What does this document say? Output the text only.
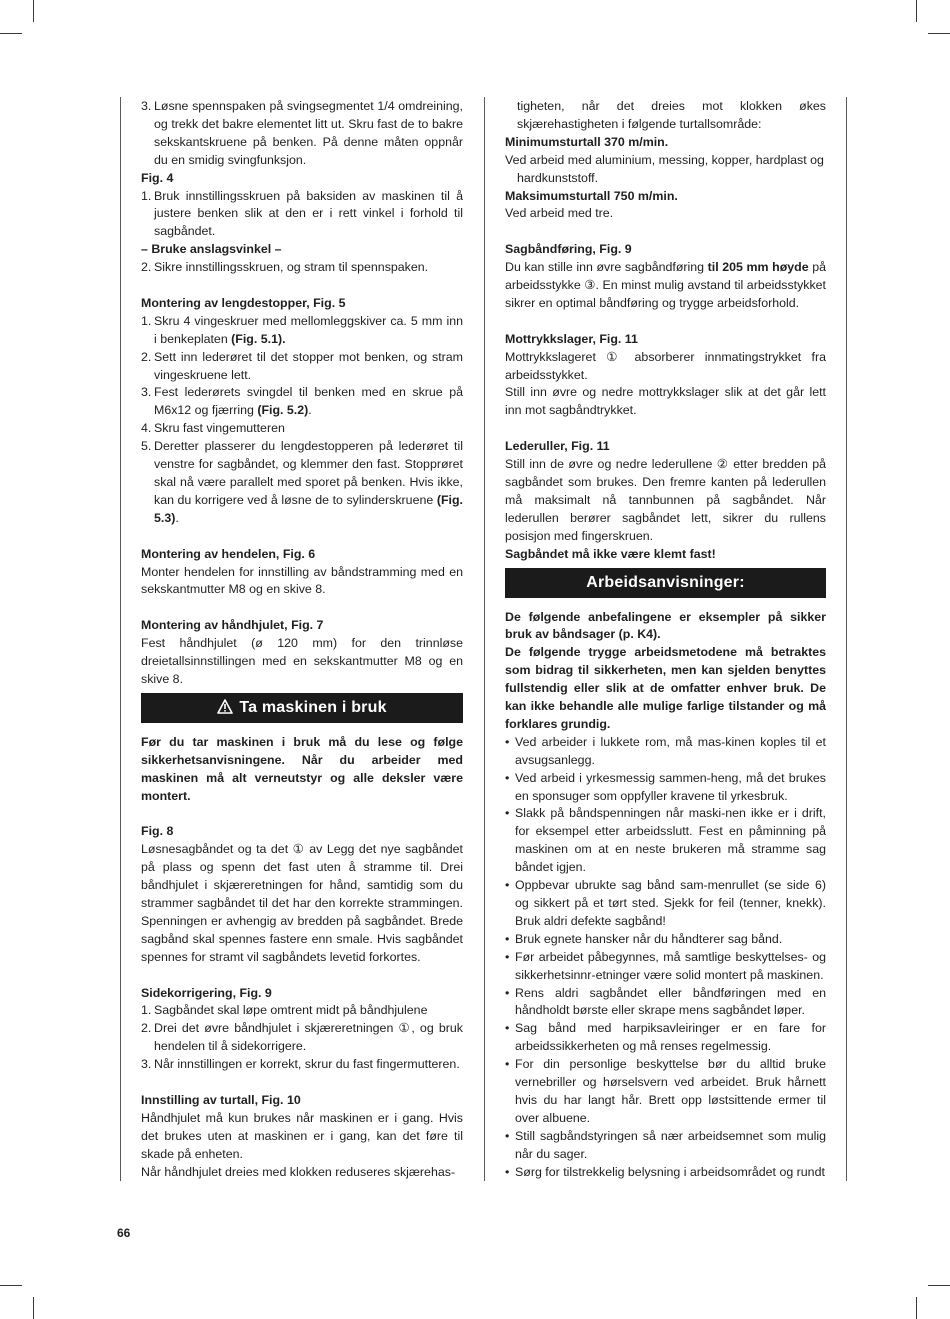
3. Løsne spennspaken på svingsegmentet 1/4 omdreining, og trekk det bakre elementet litt ut. Skru fast de to bakre sekskantskruene på benken. På denne måten oppnår du en smidig svingfunksjon.

Fig. 4

1. Bruk innstillingsskruen på baksiden av maskinen til å justere benken slik at den er i rett vinkel i forhold til sagbåndet.

– Bruke anslagsvinkel –

2. Sikre innstillingsskruen, og stram til spennspaken.

Montering av lengdestopper, Fig. 5

1. Skru 4 vingeskruer med mellomleggskiver ca. 5 mm inn i benkeplaten (Fig. 5.1).
2. Sett inn lederøret til det stopper mot benken, og stram vingeskruene lett.
3. Fest lederørets svingdel til benken med en skrue på M6x12 og fjærring (Fig. 5.2).
4. Skru fast vingemutteren
5. Deretter plasserer du lengdestopperen på lederøret til venstre for sagbåndet, og klemmer den fast. Stopprøret skal nå være parallelt med sporet på benken. Hvis ikke, kan du korrigere ved å løsne de to sylinderskruene (Fig. 5.3).

Montering av hendelen, Fig. 6

Monter hendelen for innstilling av båndstramming med en sekskantmutter M8 og en skive 8.

Montering av håndhjulet, Fig. 7

Fest håndhjulet (ø 120 mm) for den trinnløse dreietallsinnstillingen med en sekskantmutter M8 og en skive 8.

Ta maskinen i bruk

Før du tar maskinen i bruk må du lese og følge sikkerhetsanvisningene. Når du arbeider med maskinen må alt verneutstyr og alle deksler være montert.

Fig. 8

Løsnesagbåndet og ta det ① av Legg det nye sagbåndet på plass og spenn det fast uten å stramme til. Drei båndhjulet i skjæreretningen for hånd, samtidig som du strammer sagbåndet til det har den korrekte strammingen. Spenningen er avhengig av bredden på sagbåndet. Brede sagbånd skal spennes fastere enn smale. Hvis sagbåndet spennes for stramt vil sagbåndets levetid forkortes.

Sidekorrigering, Fig. 9

1. Sagbåndet skal løpe omtrent midt på båndhjulene
2. Drei det øvre båndhjulet i skjæreretningen ①, og bruk hendelen til å sidekorrigere.
3. Når innstillingen er korrekt, skrur du fast fingermutteren.

Innstilling av turtall, Fig. 10

Håndhjulet må kun brukes når maskinen er i gang. Hvis det brukes uten at maskinen er i gang, kan det føre til skade på enheten.

Når håndhjulet dreies med klokken reduseres skjærehas-

tigheten, når det dreies mot klokken økes skjærehastigheten i følgende turtallsområde:

Minimumsturtall 370 m/min.

Ved arbeid med aluminium, messing, kopper, hardplast og

hardkunststoff.

Maksimumsturtall 750 m/min.

Ved arbeid med tre.

Sagbåndføring, Fig. 9

Du kan stille inn øvre sagbåndføring til 205 mm høyde på arbeidsstykke ③. En minst mulig avstand til arbeidsstykket sikrer en optimal båndføring og trygge arbeidsforhold.

Mottrykkslager, Fig. 11

Mottrykkslageret ① absorberer innmatingstrykket fra arbeidsstykket.

Still inn øvre og nedre mottrykkslager slik at det går lett inn mot sagbåndtrykket.

Lederuller, Fig. 11

Still inn de øvre og nedre lederullene ② etter bredden på sagbåndet som brukes. Den fremre kanten på lederullen må maksimalt nå tannbunnen på sagbåndet. Når lederullen berører sagbåndet lett, sikrer du rullens posisjon med fingerskruen.

Sagbåndet må ikke være klemt fast!

Arbeidsanvisninger:

De følgende anbefalingene er eksempler på sikker bruk av båndsager (p. K4).

De følgende trygge arbeidsmetodene må betraktes som bidrag til sikkerheten, men kan sjelden benyttes fullstendig eller slik at de omfatter enhver bruk. De kan ikke behandle alle mulige farlige tilstander og må forklares grundig.

• Ved arbeider i lukkete rom, må mas-kinen koples til et avsugsanlegg.
• Ved arbeid i yrkesmessig sammen-heng, må det brukes en sponsuger som oppfyller kravene til yrkesbruk.
• Slakk på båndspenningen når maski-nen ikke er i drift, for eksempel etter arbeidsslutt. Fest en påminning på maskinen om at en neste brukeren må stramme sag båndet igjen.
• Oppbevar ubrukte sag bånd sam-menrullet (se side 6) og sikkert på et tørt sted. Sjekk for feil (tenner, knekk). Bruk aldri defekte sagbånd!
• Bruk egnete hansker når du håndterer sag bånd.
• Før arbeidet påbegynnes, må samtlige beskyttelses- og sikkerhetsinnr-etninger være solid montert på maskinen.
• Rens aldri sagbåndet eller båndføringen med en håndholdt børste eller skrape mens sagbåndet løper.
• Sag bånd med harpiksavleiringer er en fare for arbeidssikkerheten og må renses regelmessig.
• For din personlige beskyttelse bør du alltid bruke vernebriller og hørselsvern ved arbeidet. Bruk hårnett hvis du har langt hår. Brett opp løstsittende ermer til over albuene.
• Still sagbåndstyringen så nær arbeidsemnet som mulig når du sager.
• Sørg for tilstrekkelig belysning i arbeidsområdet og rundt
66
